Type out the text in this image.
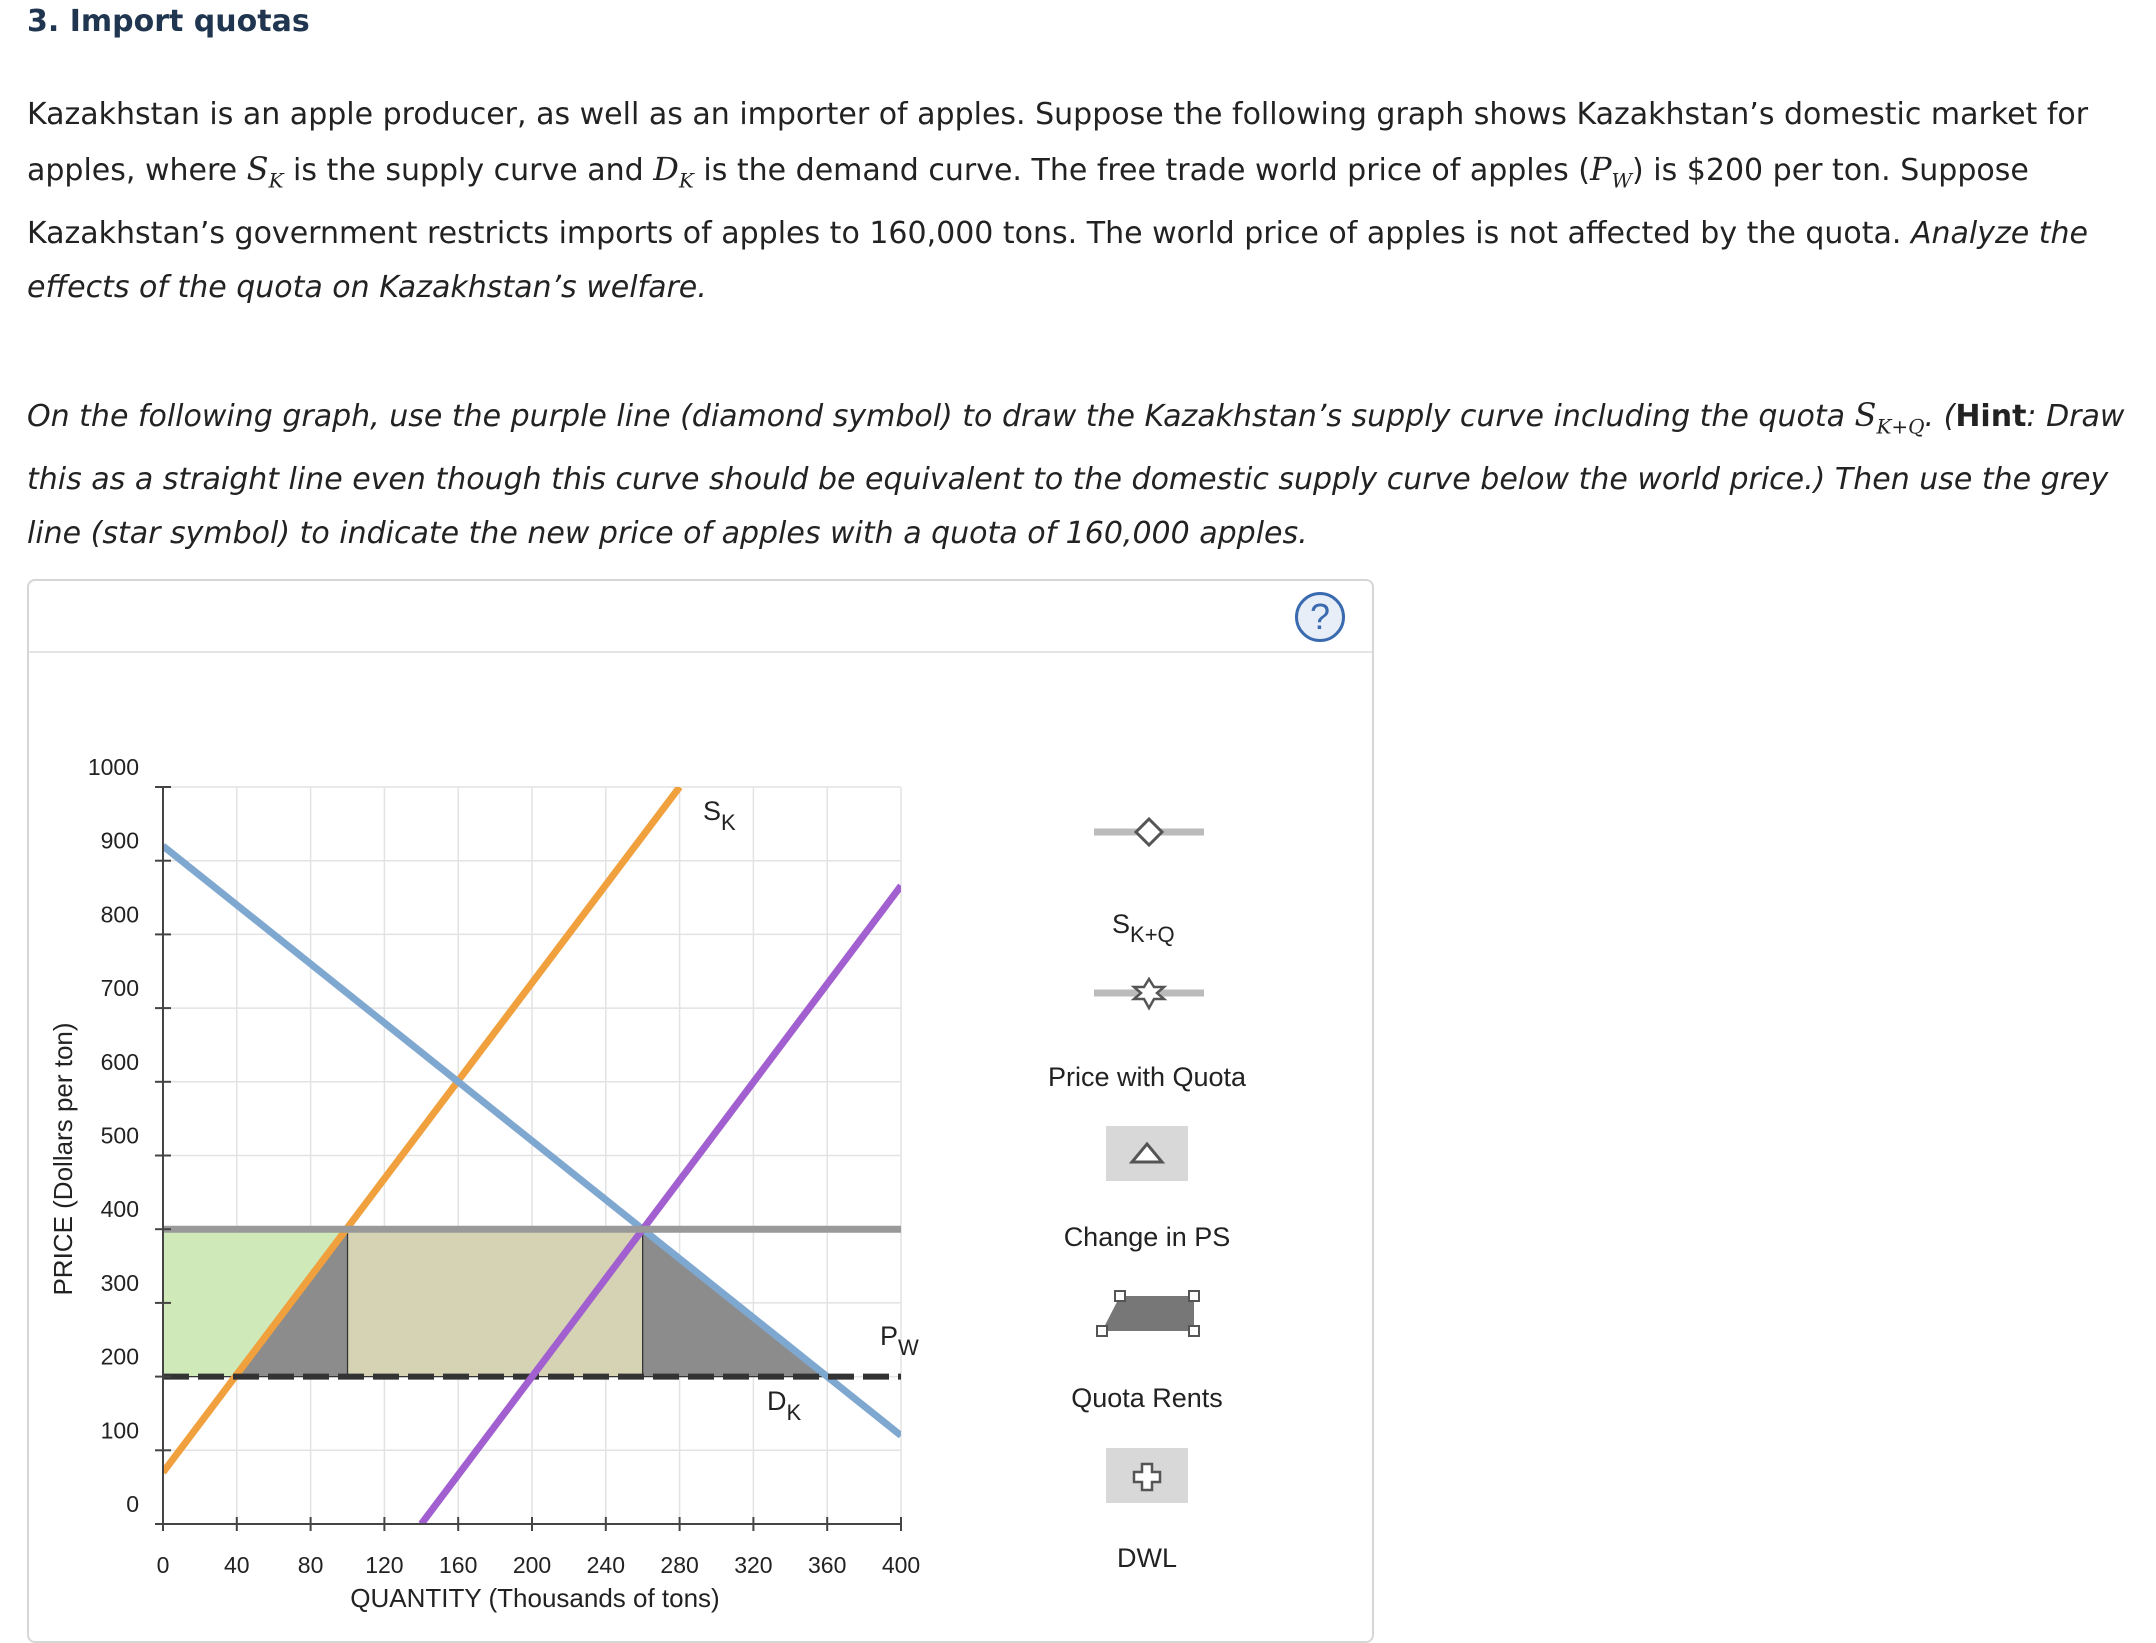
3. Import quotas

Kazakhstan is an apple producer, as well as an importer of apples. Suppose the following graph shows Kazakhstan’s domestic market for apples, where $S_K$ is the supply curve and $D_K$ is the demand curve. The free trade world price of apples $(P_W)$ is $200 per ton. Suppose Kazakhstan’s government restricts imports of apples to 160,000 tons. The world price of apples is not affected by the quota. Analyze the effects of the quota on Kazakhstan’s welfare.

On the following graph, use the purple line (diamond symbol) to draw the Kazakhstan’s supply curve including the quota $S_{K+Q}$. (Hint: Draw this as a straight line even though this curve should be equivalent to the domestic supply curve below the world price.) Then use the grey line (star symbol) to indicate the new price of apples with a quota of 160,000 apples.

?
0 40 80 120 160 200 240 280 320 360 400
0
100
200
300
400
500
600
700
800
900
1000
QUANTITY (Thousands of tons)
PRICE (Dollars per ton)
$S_K$
$D_K$
$P_W$
$S_{K+Q}$
Price with Quota
Change in PS
Quota Rents
DWL
